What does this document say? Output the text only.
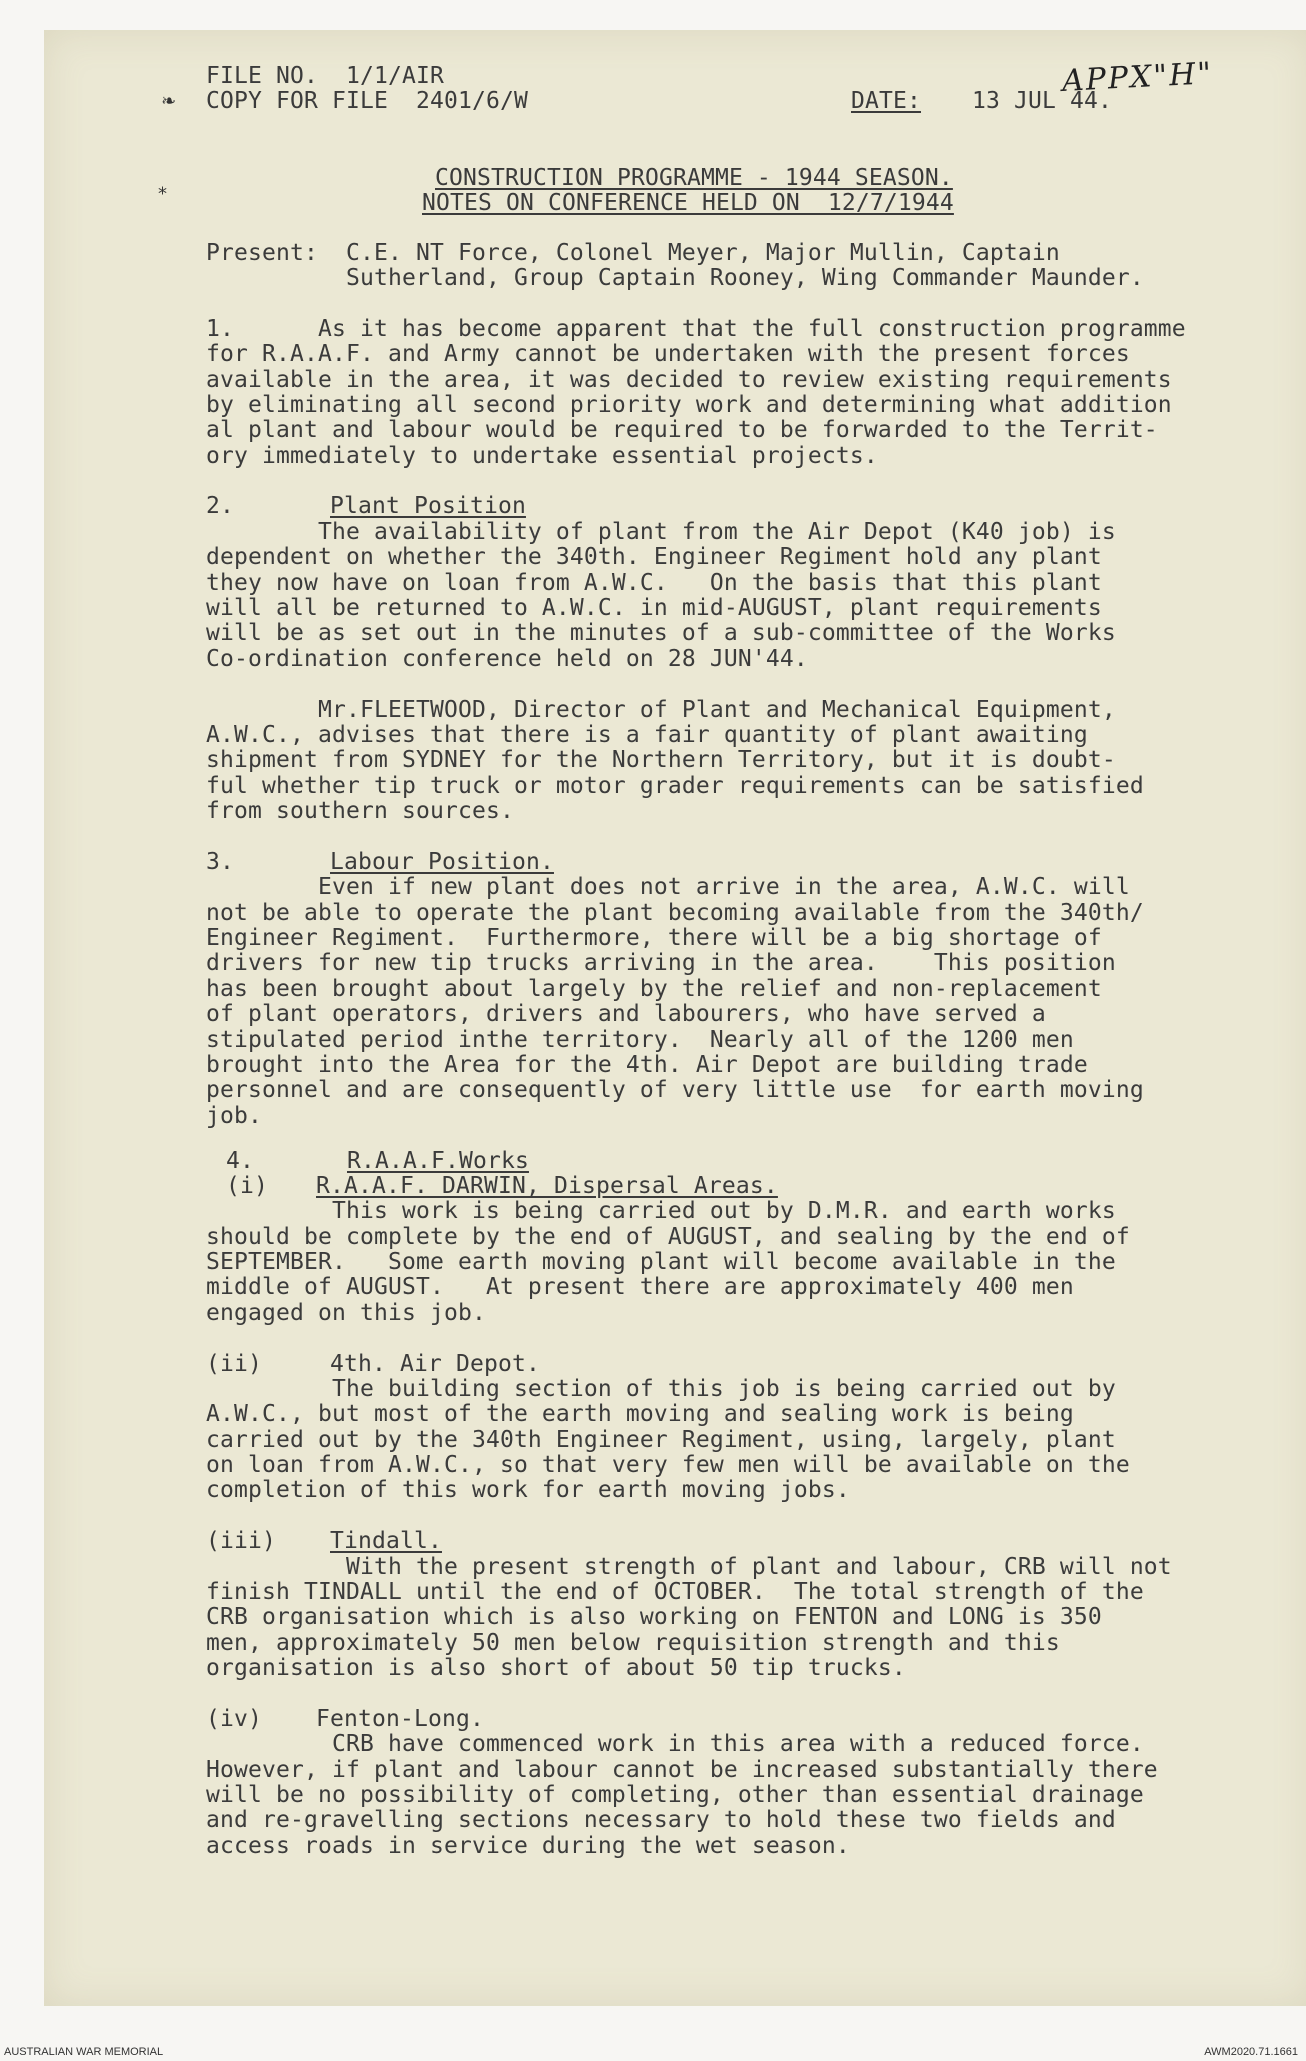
APPX"H"
❧
⁎
FILE NO.  1/1/AIR
COPY FOR FILE  2401/6/W	DATE: 13 JUL 44.
CONSTRUCTION PROGRAMME - 1944 SEASON.
NOTES ON CONFERENCE HELD ON  12/7/1944
Present:  C.E. NT Force, Colonel Meyer, Major Mullin, Captain
Sutherland, Group Captain Rooney, Wing Commander Maunder.
1.      As it has become apparent that the full construction programme
for R.A.A.F. and Army cannot be undertaken with the present forces
available in the area, it was decided to review existing requirements
by eliminating all second priority work and determining what addition
al plant and labour would be required to be forwarded to the Territ-
ory immediately to undertake essential projects.
2.	Plant Position
The availability of plant from the Air Depot (K40 job) is
dependent on whether the 340th. Engineer Regiment hold any plant
they now have on loan from A.W.C.   On the basis that this plant
will all be returned to A.W.C. in mid-AUGUST, plant requirements
will be as set out in the minutes of a sub-committee of the Works
Co-ordination conference held on 28 JUN'44.
Mr.FLEETWOOD, Director of Plant and Mechanical Equipment,
A.W.C., advises that there is a fair quantity of plant awaiting
shipment from SYDNEY for the Northern Territory, but it is doubt-
ful whether tip truck or motor grader requirements can be satisfied
from southern sources.
3.	Labour Position.
Even if new plant does not arrive in the area, A.W.C. will
not be able to operate the plant becoming available from the 340th/
Engineer Regiment.  Furthermore, there will be a big shortage of
drivers for new tip trucks arriving in the area.    This position
has been brought about largely by the relief and non-replacement
of plant operators, drivers and labourers, who have served a
stipulated period inthe territory.  Nearly all of the 1200 men
brought into the Area for the 4th. Air Depot are building trade
personnel and are consequently of very little use  for earth moving
job.
4.	R.A.A.F.Works
(i) R.A.A.F. DARWIN, Dispersal Areas.
This work is being carried out by D.M.R. and earth works
should be complete by the end of AUGUST, and sealing by the end of
SEPTEMBER.   Some earth moving plant will become available in the
middle of AUGUST.   At present there are approximately 400 men
engaged on this job.
(ii)	4th. Air Depot.
The building section of this job is being carried out by
A.W.C., but most of the earth moving and sealing work is being
carried out by the 340th Engineer Regiment, using, largely, plant
on loan from A.W.C., so that very few men will be available on the
completion of this work for earth moving jobs.
(iii) Tindall.
With the present strength of plant and labour, CRB will not
finish TINDALL until the end of OCTOBER.  The total strength of the
CRB organisation which is also working on FENTON and LONG is 350
men, approximately 50 men below requisition strength and this
organisation is also short of about 50 tip trucks.
(iv) Fenton-Long.
CRB have commenced work in this area with a reduced force.
However, if plant and labour cannot be increased substantially there
will be no possibility of completing, other than essential drainage
and re-gravelling sections necessary to hold these two fields and
access roads in service during the wet season.
AUSTRALIAN WAR MEMORIAL	AWM2020.71.1661
